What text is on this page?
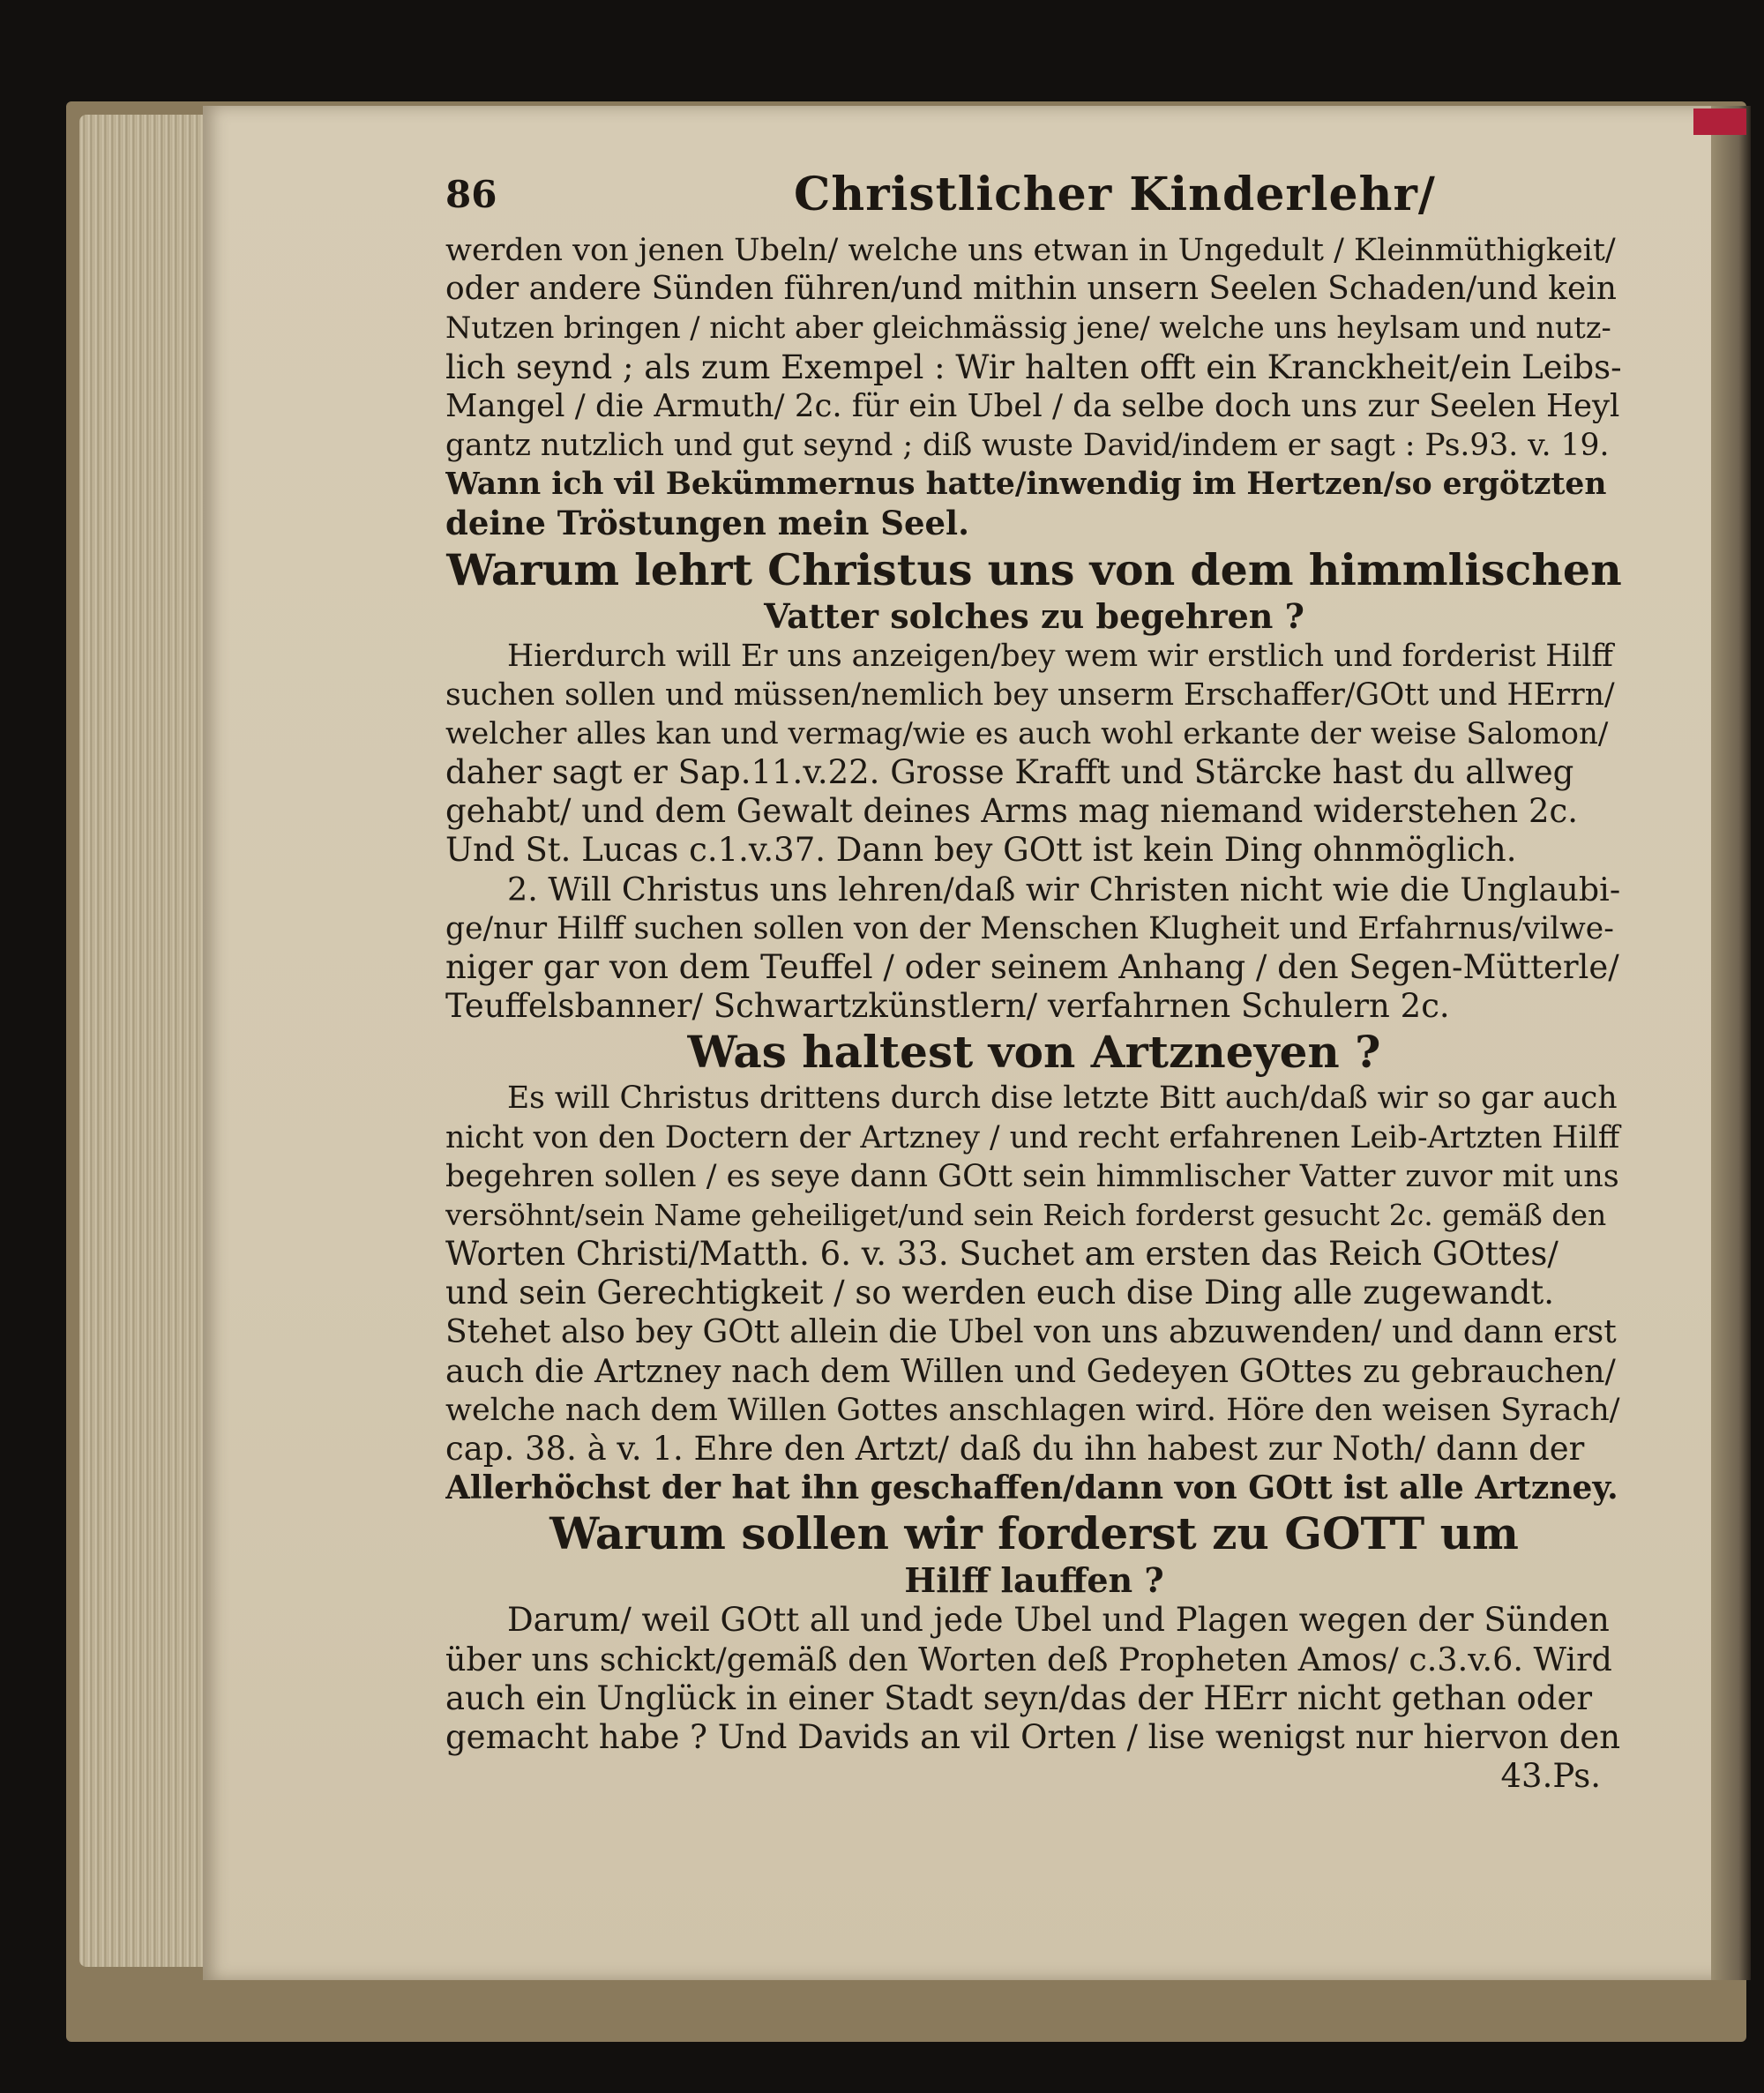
86	Christlicher Kinderlehr/
werden von jenen Ubeln/ welche uns etwan in Ungedult / Kleinmüthigkeit/
oder andere Sünden führen/und mithin unsern Seelen Schaden/und kein
Nutzen bringen / nicht aber gleichmässig jene/ welche uns heylsam und nutz-
lich seynd ; als zum Exempel : Wir halten offt ein Kranckheit/ein Leibs-
Mangel / die Armuth/ 2c. für ein Ubel / da selbe doch uns zur Seelen Heyl
gantz nutzlich und gut seynd ; diß wuste David/indem er sagt : Ps.93. v. 19.
Wann ich vil Bekümmernus hatte/inwendig im Hertzen/so ergötzten
deine Tröstungen mein Seel.
Warum lehrt Christus uns von dem himmlischen
Vatter solches zu begehren ?
Hierdurch will Er uns anzeigen/bey wem wir erstlich und forderist Hilff
suchen sollen und müssen/nemlich bey unserm Erschaffer/GOtt und HErrn/
welcher alles kan und vermag/wie es auch wohl erkante der weise Salomon/
daher sagt er Sap.11.v.22. Grosse Krafft und Stärcke hast du allweg
gehabt/ und dem Gewalt deines Arms mag niemand widerstehen 2c.
Und St. Lucas c.1.v.37. Dann bey GOtt ist kein Ding ohnmöglich.
2. Will Christus uns lehren/daß wir Christen nicht wie die Unglaubi-
ge/nur Hilff suchen sollen von der Menschen Klugheit und Erfahrnus/vilwe-
niger gar von dem Teuffel / oder seinem Anhang / den Segen-Mütterle/
Teuffelsbanner/ Schwartzkünstlern/ verfahrnen Schulern 2c.
Was haltest von Artzneyen ?
Es will Christus drittens durch dise letzte Bitt auch/daß wir so gar auch
nicht von den Doctern der Artzney / und recht erfahrenen Leib-Artzten Hilff
begehren sollen / es seye dann GOtt sein himmlischer Vatter zuvor mit uns
versöhnt/sein Name geheiliget/und sein Reich forderst gesucht 2c. gemäß den
Worten Christi/Matth. 6. v. 33. Suchet am ersten das Reich GOttes/
und sein Gerechtigkeit / so werden euch dise Ding alle zugewandt.
Stehet also bey GOtt allein die Ubel von uns abzuwenden/ und dann erst
auch die Artzney nach dem Willen und Gedeyen GOttes zu gebrauchen/
welche nach dem Willen Gottes anschlagen wird. Höre den weisen Syrach/
cap. 38. à v. 1. Ehre den Artzt/ daß du ihn habest zur Noth/ dann der
Allerhöchst der hat ihn geschaffen/dann von GOtt ist alle Artzney.
Warum sollen wir forderst zu GOTT um
Hilff lauffen ?
Darum/ weil GOtt all und jede Ubel und Plagen wegen der Sünden
über uns schickt/gemäß den Worten deß Propheten Amos/ c.3.v.6. Wird
auch ein Unglück in einer Stadt seyn/das der HErr nicht gethan oder
gemacht habe ? Und Davids an vil Orten / lise wenigst nur hiervon den
43.Ps.
